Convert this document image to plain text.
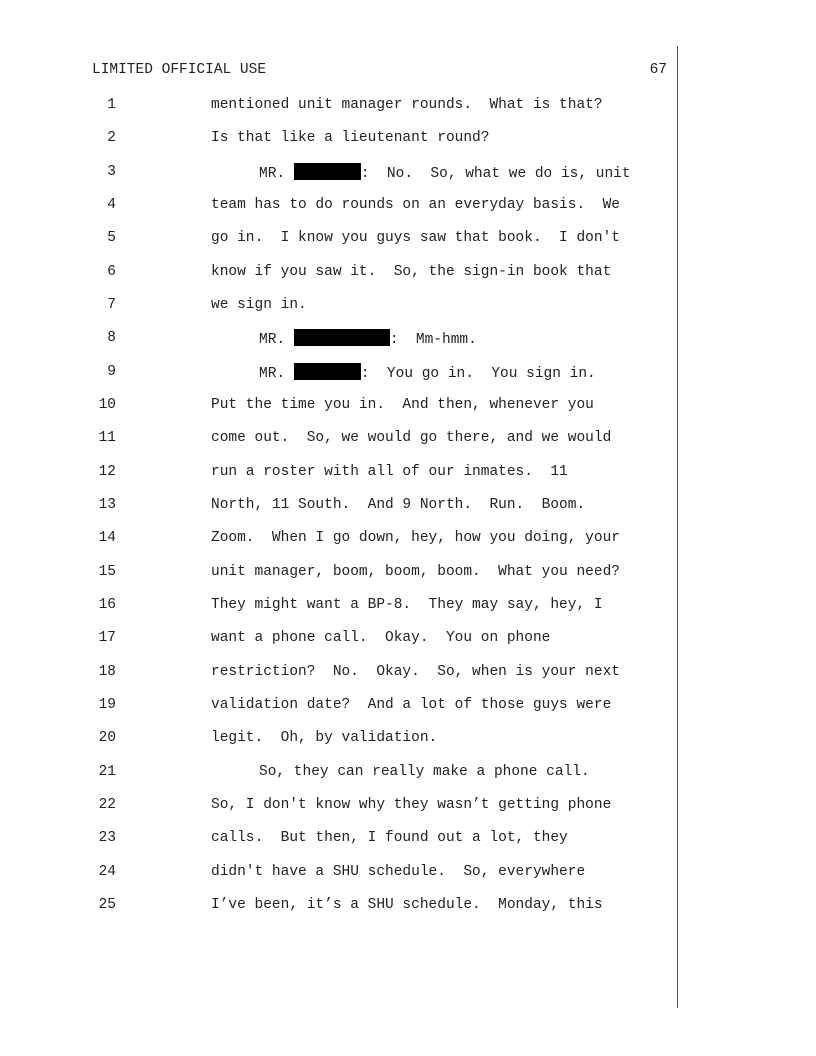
LIMITED OFFICIAL USE	67

1

	mentioned unit manager rounds.  What is that?

2

	Is that like a lieutenant round?

3

	MR.	:  No.  So, what we do is, unit

4

	team has to do rounds on an everyday basis.  We

5

	go in.  I know you guys saw that book.  I don't

6

	know if you saw it.  So, the sign-in book that

7

	we sign in.

8

	MR.	:  Mm-hmm.

9

	MR.	:  You go in.  You sign in.

10

	Put the time you in.  And then, whenever you

11

	come out.  So, we would go there, and we would

12

	run a roster with all of our inmates.  11

13

	North, 11 South.  And 9 North.  Run.  Boom.

14

	Zoom.  When I go down, hey, how you doing, your

15

	unit manager, boom, boom, boom.  What you need?

16

	They might want a BP-8.  They may say, hey, I

17

	want a phone call.  Okay.  You on phone

18

	restriction?  No.  Okay.  So, when is your next

19

	validation date?  And a lot of those guys were

20

	legit.  Oh, by validation.

21

	So, they can really make a phone call.

22

	So, I don't know why they wasn’t getting phone

23

	calls.  But then, I found out a lot, they

24

	didn't have a SHU schedule.  So, everywhere

25

	I’ve been, it’s a SHU schedule.  Monday, this
